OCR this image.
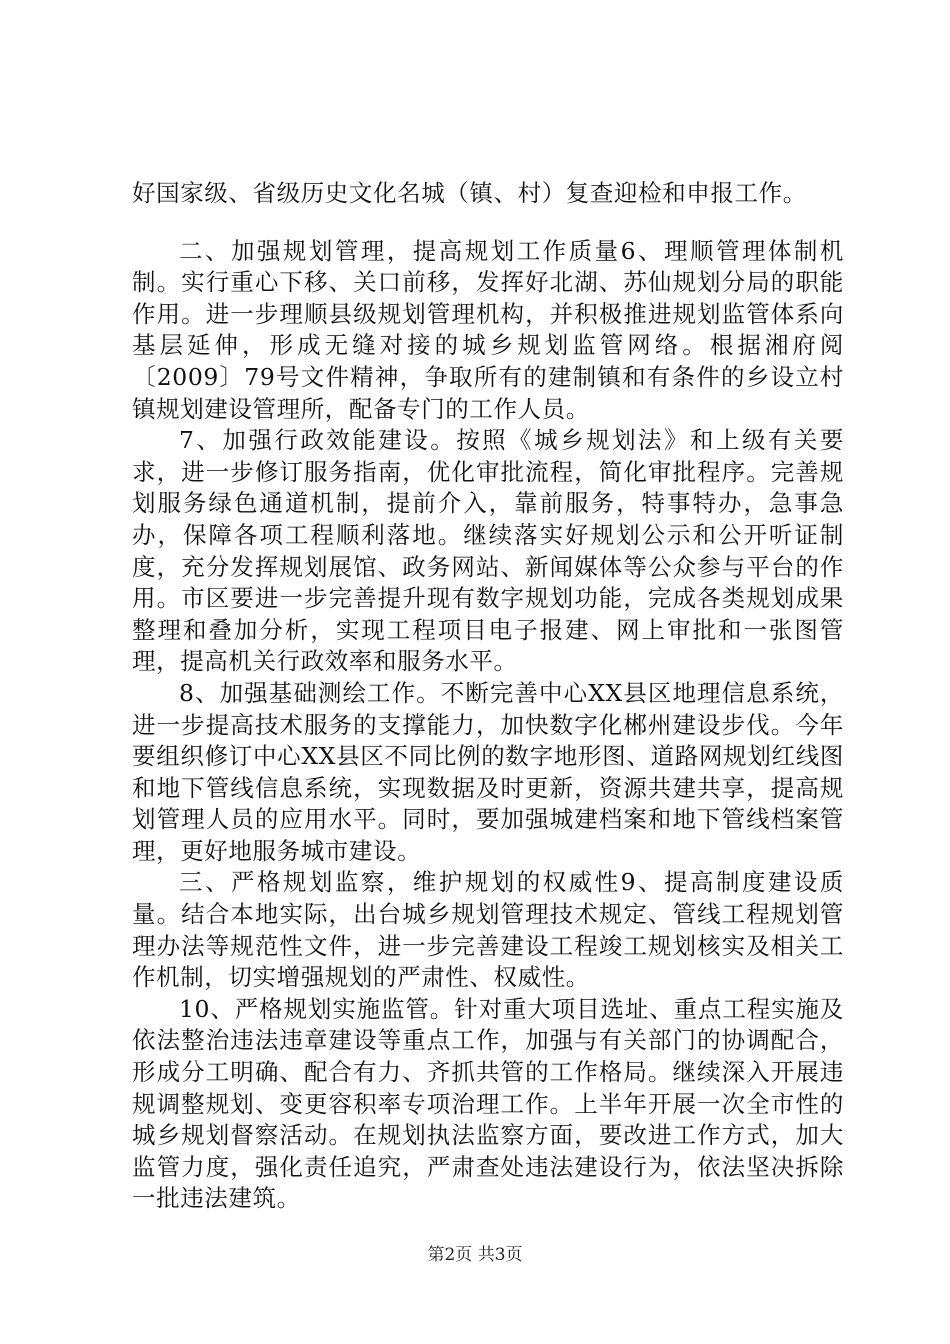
好国家级、省级历史文化名城（镇、村）复查迎检和申报工作。

二、加强规划管理，提高规划工作质量6、理顺管理体制机制。实行重心下移、关口前移，发挥好北湖、苏仙规划分局的职能作用。进一步理顺县级规划管理机构，并积极推进规划监管体系向基层延伸，形成无缝对接的城乡规划监管网络。根据湘府阅〔2009〕79号文件精神，争取所有的建制镇和有条件的乡设立村镇规划建设管理所，配备专门的工作人员。

7、加强行政效能建设。按照《城乡规划法》和上级有关要求，进一步修订服务指南，优化审批流程，简化审批程序。完善规划服务绿色通道机制，提前介入，靠前服务，特事特办，急事急办，保障各项工程顺利落地。继续落实好规划公示和公开听证制度，充分发挥规划展馆、政务网站、新闻媒体等公众参与平台的作用。市区要进一步完善提升现有数字规划功能，完成各类规划成果整理和叠加分析，实现工程项目电子报建、网上审批和一张图管理，提高机关行政效率和服务水平。

8、加强基础测绘工作。不断完善中心XX县区地理信息系统，进一步提高技术服务的支撑能力，加快数字化郴州建设步伐。今年要组织修订中心XX县区不同比例的数字地形图、道路网规划红线图和地下管线信息系统，实现数据及时更新，资源共建共享，提高规划管理人员的应用水平。同时，要加强城建档案和地下管线档案管理，更好地服务城市建设。

三、严格规划监察，维护规划的权威性9、提高制度建设质量。结合本地实际，出台城乡规划管理技术规定、管线工程规划管理办法等规范性文件，进一步完善建设工程竣工规划核实及相关工作机制，切实增强规划的严肃性、权威性。

10、严格规划实施监管。针对重大项目选址、重点工程实施及依法整治违法违章建设等重点工作，加强与有关部门的协调配合，形成分工明确、配合有力、齐抓共管的工作格局。继续深入开展违规调整规划、变更容积率专项治理工作。上半年开展一次全市性的城乡规划督察活动。在规划执法监察方面，要改进工作方式，加大监管力度，强化责任追究，严肃查处违法建设行为，依法坚决拆除一批违法建筑。

第2页 共3页
